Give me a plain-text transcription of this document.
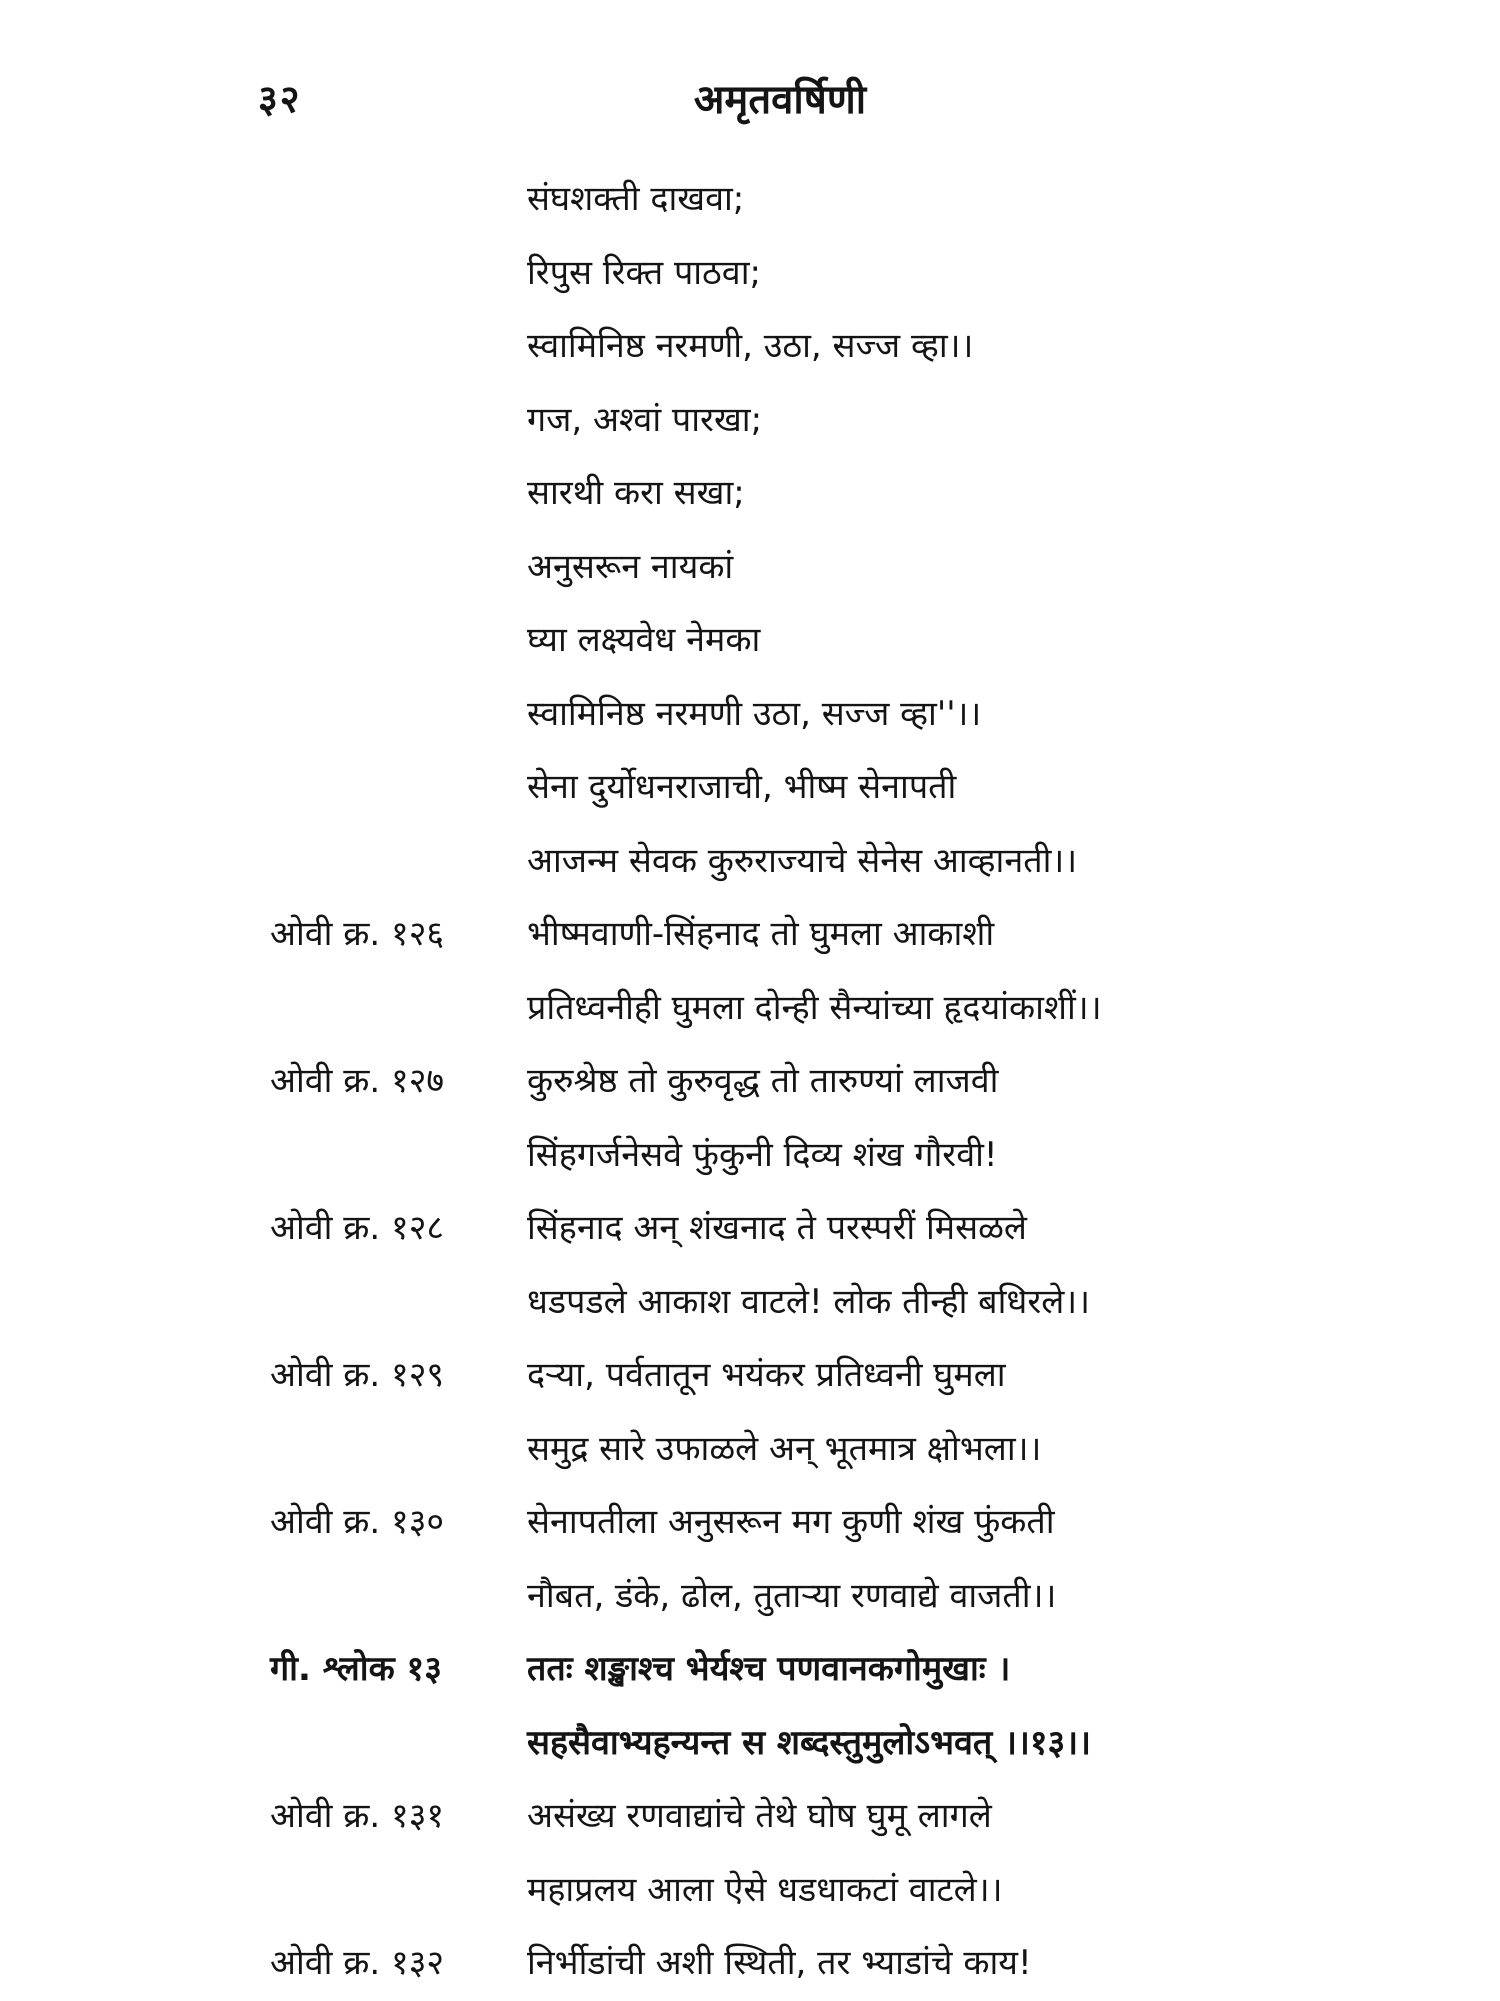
३२	अमृतवर्षिणी
संघशक्ती दाखवा;
रिपुस रिक्त पाठवा;
स्वामिनिष्ठ नरमणी, उठा, सज्ज व्हा।।
गज, अश्वां पारखा;
सारथी करा सखा;
अनुसरून नायकां
घ्या लक्ष्यवेध नेमका
स्वामिनिष्ठ नरमणी उठा, सज्ज व्हा''।।
सेना दुर्योधनराजाची, भीष्म सेनापती
आजन्म सेवक कुरुराज्याचे सेनेस आव्हानती।।
ओवी क्र. १२६ भीष्मवाणी-सिंहनाद तो घुमला आकाशी
प्रतिध्वनीही घुमला दोन्ही सैन्यांच्या हृदयांकाशीं।।
ओवी क्र. १२७ कुरुश्रेष्ठ तो कुरुवृद्ध तो तारुण्यां लाजवी
सिंहगर्जनेसवे फुंकुनी दिव्य शंख गौरवी!
ओवी क्र. १२८ सिंहनाद अन् शंखनाद ते परस्परीं मिसळले
धडपडले आकाश वाटले! लोक तीन्ही बधिरले।।
ओवी क्र. १२९ दऱ्या, पर्वतातून भयंकर प्रतिध्वनी घुमला
समुद्र सारे उफाळले अन् भूतमात्र क्षोभला।।
ओवी क्र. १३० सेनापतीला अनुसरून मग कुणी शंख फुंकती
नौबत, डंके, ढोल, तुताऱ्या रणवाद्ये वाजती।।
गी. श्लोक १३	ततः शङ्खाश्च भेर्यश्च पणवानकगोमुखाः ।
सहसैवाभ्यहन्यन्त स शब्दस्तुमुलोऽभवत् ।।१३।।
ओवी क्र. १३१ असंख्य रणवाद्यांचे तेथे घोष घुमू लागले
महाप्रलय आला ऐसे धडधाकटां वाटले।।
ओवी क्र. १३२ निर्भीडांची अशी स्थिती, तर भ्याडांचे काय!
